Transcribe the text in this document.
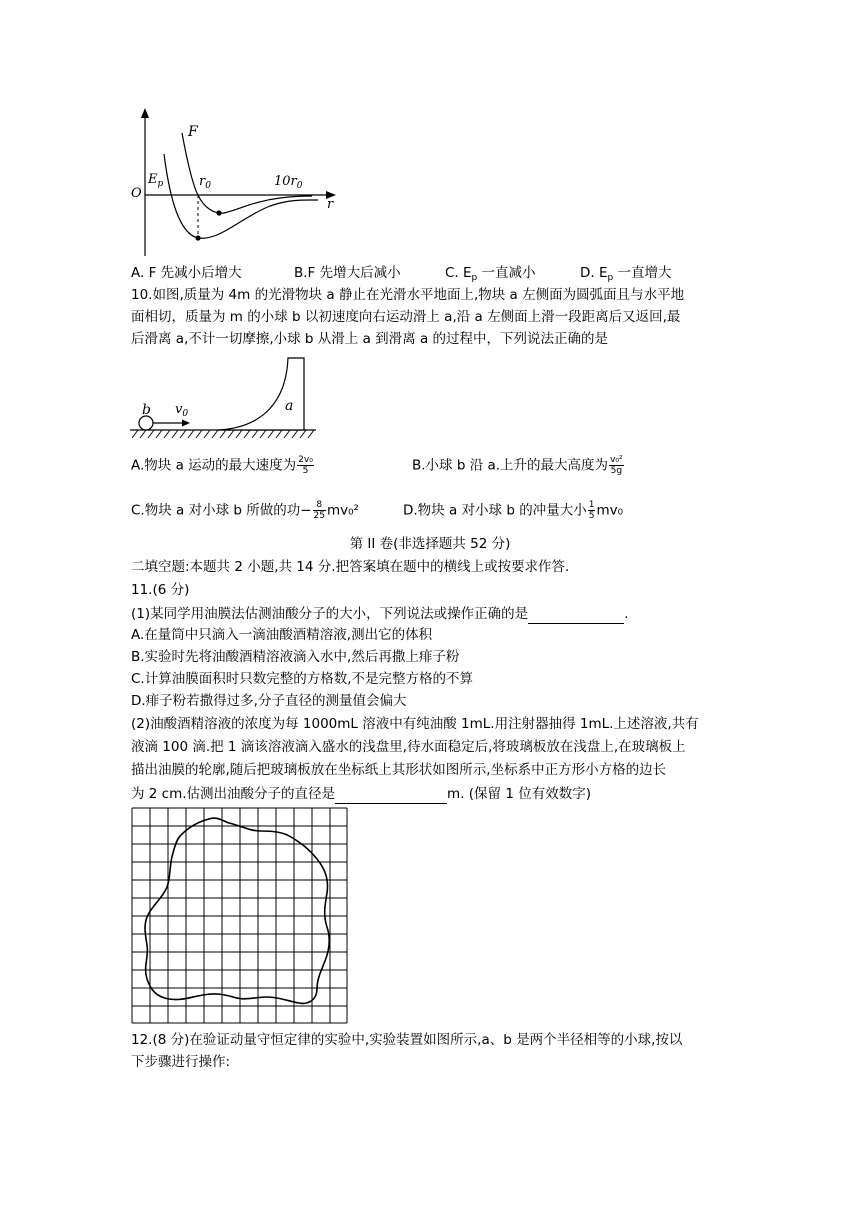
F
$E_p$
O
$r_0$	$10r_0$
r
A. F 先减小后增大	B.F 先增大后减小	C. $E_p$ 一直减小	D. $E_p$ 一直增大
10.如图,质量为 4m 的光滑物块 a 静止在光滑水平地面上,物块 a 左侧面为圆弧面且与水平地
面相切，质量为 m 的小球 b 以初速度向右运动滑上 a,沿 a 左侧面上滑一段距离后又返回,最
后滑离 a,不计一切摩擦,小球 b 从滑上 a 到滑离 a 的过程中，下列说法正确的是
b $v_0$	a
A.物块 a 运动的最大速度为 $\frac{\text{2v₀}}{5}$	B.小球 b 沿 a.上升的最大高度为 $\frac{\text{v₀²}}{5g}$
C.物块 a 对小球 b 所做的功− $\frac{8}{25} mv_0^2$	D.物块 a 对小球 b 的冲量大小 $\frac{1}{5} mv_0$
第 II 卷(非选择题共 52 分)
二填空题:本题共 2 小题,共 14 分.把答案填在题中的横线上或按要求作答.
11.(6 分)
(1)某同学用油膜法估测油酸分子的大小，下列说法或操作正确的是	.
A.在量筒中只滴入一滴油酸酒精溶液,测出它的体积
B.实验时先将油酸酒精溶液滴入水中,然后再撒上痱子粉
C.计算油膜面积时只数完整的方格数,不是完整方格的不算
D.痱子粉若撒得过多,分子直径的测量值会偏大
(2)油酸酒精溶液的浓度为每 1000mL 溶液中有纯油酸 1mL.用注射器抽得 1mL.上述溶液,共有
液滴 100 滴.把 1 滴该溶液滴入盛水的浅盘里,待水面稳定后,将玻璃板放在浅盘上,在玻璃板上
描出油膜的轮廓,随后把玻璃板放在坐标纸上其形状如图所示,坐标系中正方形小方格的边长
为 2 cm.估测出油酸分子的直径是	m. (保留 1 位有效数字)
12.(8 分)在验证动量守恒定律的实验中,实验装置如图所示,a、b 是两个半径相等的小球,按以
下步骤进行操作:
